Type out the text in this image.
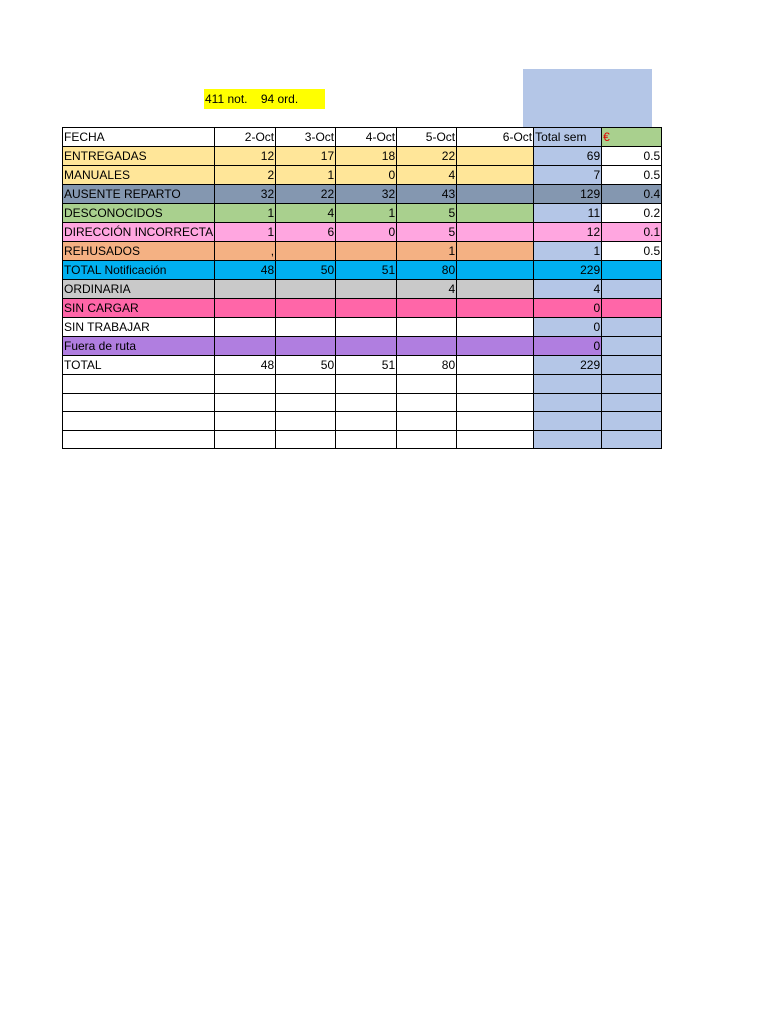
411 not.    94 ord.
FECHA	2-Oct	3-Oct	4-Oct	5-Oct	6-Oct	Total sem	€
ENTREGADAS	12	17	18	22		69	0.5
MANUALES	2	1	0	4		7	0.5
AUSENTE REPARTO	32	22	32	43		129	0.4
DESCONOCIDOS	1	4	1	5		11	0.2
DIRECCIÓN INCORRECTA	1	6	0	5		12	0.1
REHUSADOS	,			1		1	0.5
TOTAL Notificación	48	50	51	80		229	
ORDINARIA				4		4	
SIN CARGAR						0	
SIN TRABAJAR						0	
Fuera de ruta						0	
TOTAL	48	50	51	80		229	
